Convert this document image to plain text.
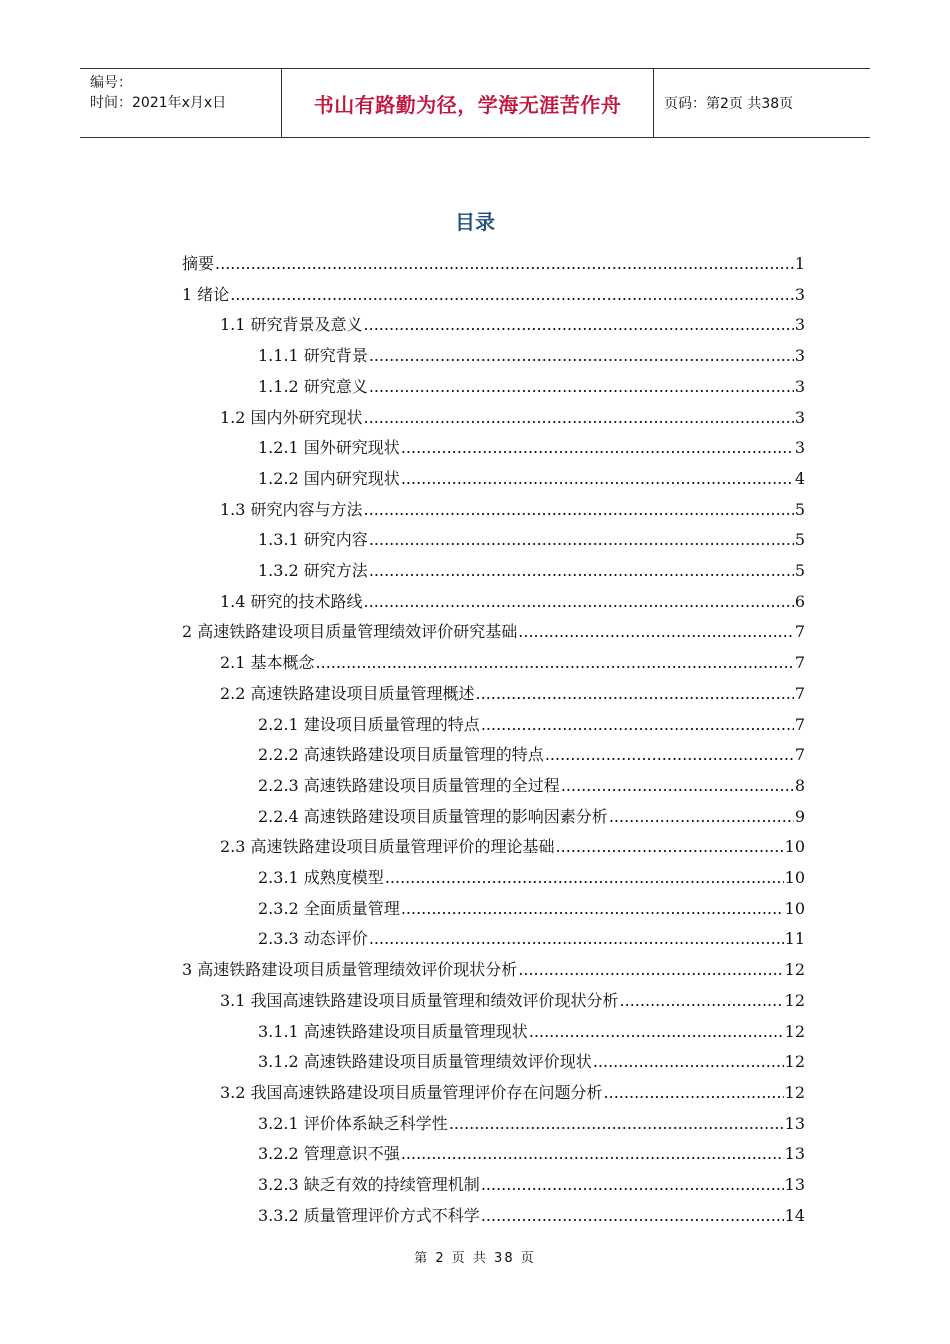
编号：
时间：2021年x月x日	书山有路勤为径，学海无涯苦作舟	页码：第2页 共38页
目录
摘要 .....	1
1 绪论 .....	3
1.1 研究背景及意义 .....	3
1.1.1 研究背景 .....	3
1.1.2 研究意义 .....	3
1.2 国内外研究现状 .....	3
1.2.1 国外研究现状 .....	3
1.2.2 国内研究现状 .....	4
1.3 研究内容与方法 .....	5
1.3.1 研究内容 .....	5
1.3.2 研究方法 .....	5
1.4 研究的技术路线 .....	6
2 高速铁路建设项目质量管理绩效评价研究基础 .....	7
2.1 基本概念 .....	7
2.2 高速铁路建设项目质量管理概述 .....	7
2.2.1 建设项目质量管理的特点 .....	7
2.2.2 高速铁路建设项目质量管理的特点 .....	7
2.2.3 高速铁路建设项目质量管理的全过程 .....	8
2.2.4 高速铁路建设项目质量管理的影响因素分析 .....	9
2.3 高速铁路建设项目质量管理评价的理论基础 .....	10
2.3.1 成熟度模型 .....	10
2.3.2 全面质量管理 .....	10
2.3.3 动态评价 .....	11
3 高速铁路建设项目质量管理绩效评价现状分析 .....	12
3.1 我国高速铁路建设项目质量管理和绩效评价现状分析 .....	12
3.1.1 高速铁路建设项目质量管理现状 .....	12
3.1.2 高速铁路建设项目质量管理绩效评价现状 .....	12
3.2 我国高速铁路建设项目质量管理评价存在问题分析 .....	12
3.2.1 评价体系缺乏科学性 .....	13
3.2.2 管理意识不强 .....	13
3.2.3 缺乏有效的持续管理机制 .....	13
3.3.2 质量管理评价方式不科学 .....	14
第 2 页 共 38 页
